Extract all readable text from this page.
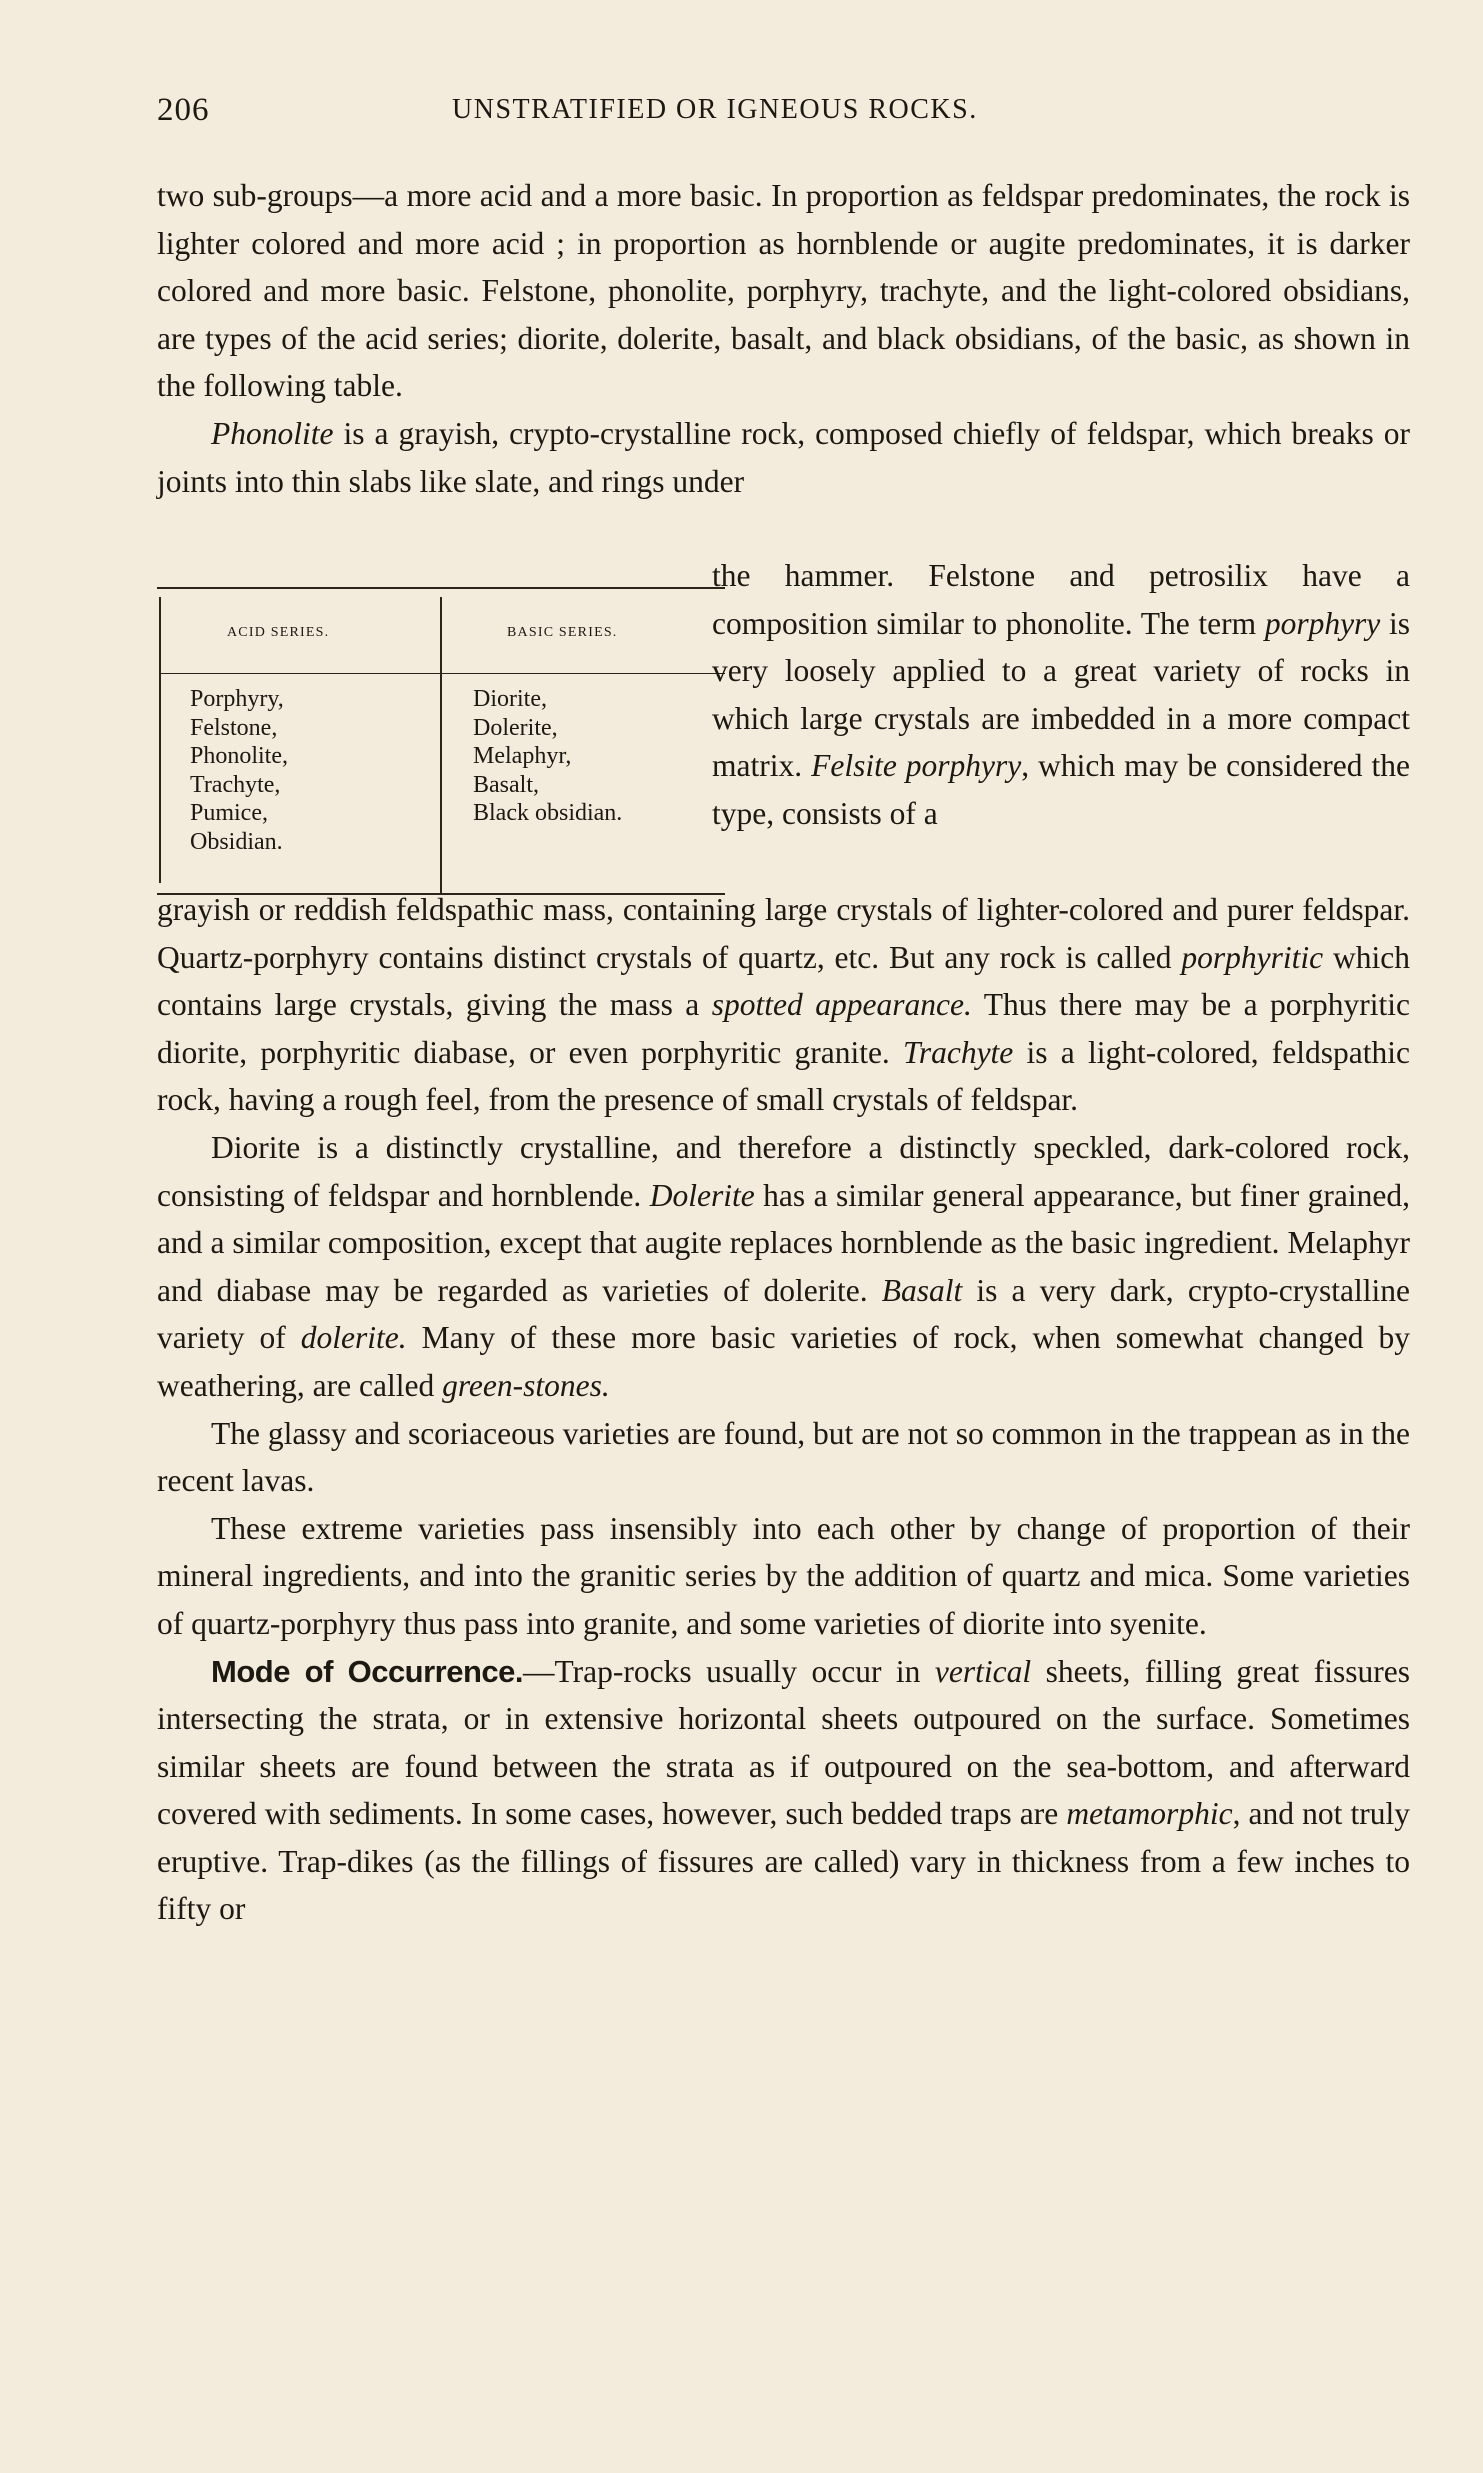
206	UNSTRATIFIED OR IGNEOUS ROCKS.

two sub-groups—a more acid and a more basic. In proportion as feldspar predominates, the rock is lighter colored and more acid ; in proportion as hornblende or augite predominates, it is darker colored and more basic. Felstone, phonolite, porphyry, trachyte, and the light-colored obsidians, are types of the acid series; diorite, dolerite, basalt, and black obsidians, of the basic, as shown in the following table.

Phonolite is a grayish, crypto-crystalline rock, composed chiefly of feldspar, which breaks or joints into thin slabs like slate, and rings under

ACID SERIES.	BASIC SERIES.
Porphyry,
Felstone,
Phonolite,
Trachyte,
Pumice,
Obsidian.
Diorite,
Dolerite,
Melaphyr,
Basalt,
Black obsidian.

the hammer. Felstone and petrosilix have a composition similar to phonolite. The term porphyry is very loosely applied to a great variety of rocks in which large crystals are imbedded in a more compact matrix. Felsite porphyry, which may be considered the type, consists of a

grayish or reddish feldspathic mass, containing large crystals of lighter-colored and purer feldspar. Quartz-porphyry contains distinct crystals of quartz, etc. But any rock is called porphyritic which contains large crystals, giving the mass a spotted appearance. Thus there may be a porphyritic diorite, porphyritic diabase, or even porphyritic granite. Trachyte is a light-colored, feldspathic rock, having a rough feel, from the presence of small crystals of feldspar.

Diorite is a distinctly crystalline, and therefore a distinctly speckled, dark-colored rock, consisting of feldspar and hornblende. Dolerite has a similar general appearance, but finer grained, and a similar composition, except that augite replaces hornblende as the basic ingredient. Melaphyr and diabase may be regarded as varieties of dolerite. Basalt is a very dark, crypto-crystalline variety of dolerite. Many of these more basic varieties of rock, when somewhat changed by weathering, are called green-stones.

The glassy and scoriaceous varieties are found, but are not so common in the trappean as in the recent lavas.

These extreme varieties pass insensibly into each other by change of proportion of their mineral ingredients, and into the granitic series by the addition of quartz and mica. Some varieties of quartz-porphyry thus pass into granite, and some varieties of diorite into syenite.

Mode of Occurrence.—Trap-rocks usually occur in vertical sheets, filling great fissures intersecting the strata, or in extensive horizontal sheets outpoured on the surface. Sometimes similar sheets are found between the strata as if outpoured on the sea-bottom, and afterward covered with sediments. In some cases, however, such bedded traps are metamorphic, and not truly eruptive. Trap-dikes (as the fillings of fissures are called) vary in thickness from a few inches to fifty or
